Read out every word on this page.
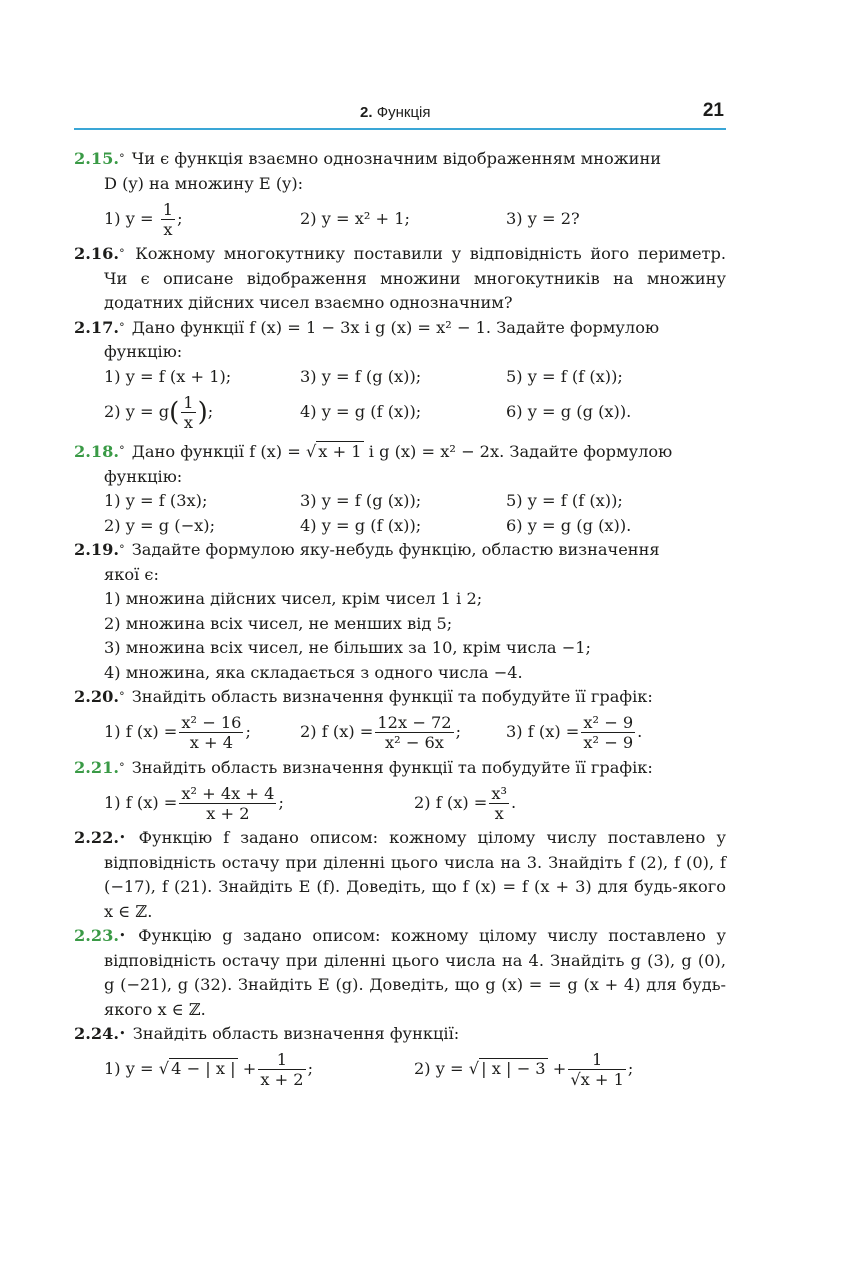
2. Функція	21
2.15.° Чи є функція взаємно однозначним відображенням множини
D (y) на множину E (y):
1) $y = \frac{1}{x}$ ;	2) y = x² + 1;	3) y = 2?
2.16.° Кожному многокутнику поставили у відповідність його периметр. Чи є описане відображення множини многокутників на множину додатних дійсних чисел взаємно однозначним?
2.17.° Дано функції f (x) = 1 − 3x і g (x) = x² − 1. Задайте формулою
функцію:
1) y = f (x + 1);	3) y = f (g (x));	5) y = f (f (x));
2) $y = g( \frac{1}{x}$ );	4) y = g (f (x));	6) y = g (g (x)).
2.18.° Дано функції f (x) = √ x + 1 і g (x) = x² − 2x. Задайте формулою
функцію:
1) y = f (3x);	3) y = f (g (x));	5) y = f (f (x));
2) y = g (−x);	4) y = g (f (x));	6) y = g (g (x)).
2.19.° Задайте формулою яку-небудь функцію, областю визначення
якої є:
1) множина дійсних чисел, крім чисел 1 і 2;
2) множина всіх чисел, не менших від 5;
3) множина всіх чисел, не більших за 10, крім числа −1;
4) множина, яка складається з одного числа −4.
2.20.° Знайдіть область визначення функції та побудуйте її графік:
1) f $(x) = \frac{\text{x² − 16}}{x + 4}$ ;	2) f $(x) = \frac{12x - 72}{\text{x² − 6x}}$ ;	3) f $(x) = \frac{\text{x² − 9}}{\text{x² − 9}}$ .
2.21.° Знайдіть область визначення функції та побудуйте її графік:
1) f $(x) = \frac{\text{x² + 4x + 4}}{x + 2}$ ;	2) f $(x) = \frac{\text{x³}}{x}$ .
2.22.• Функцію f задано описом: кожному цілому числу поставлено у відповідність остачу при діленні цього числа на 3. Знайдіть f (2), f (0), f (−17), f (21). Знайдіть E (f). Доведіть, що f (x) = f (x + 3) для будь-якого x ∈ ℤ.
2.23.• Функцію g задано описом: кожному цілому числу поставлено у відповідність остачу при діленні цього числа на 4. Знайдіть g (3), g (0), g (−21), g (32). Знайдіть E (g). Доведіть, що g (x) = = g (x + 4) для будь-якого x ∈ ℤ.
2.24.• Знайдіть область визначення функції:
1) y = √ 4 − | x | + $\frac{1}{x + 2}$ ;	2) y = √ | x | − $3 + \frac{1}{√x + 1}$ ;
